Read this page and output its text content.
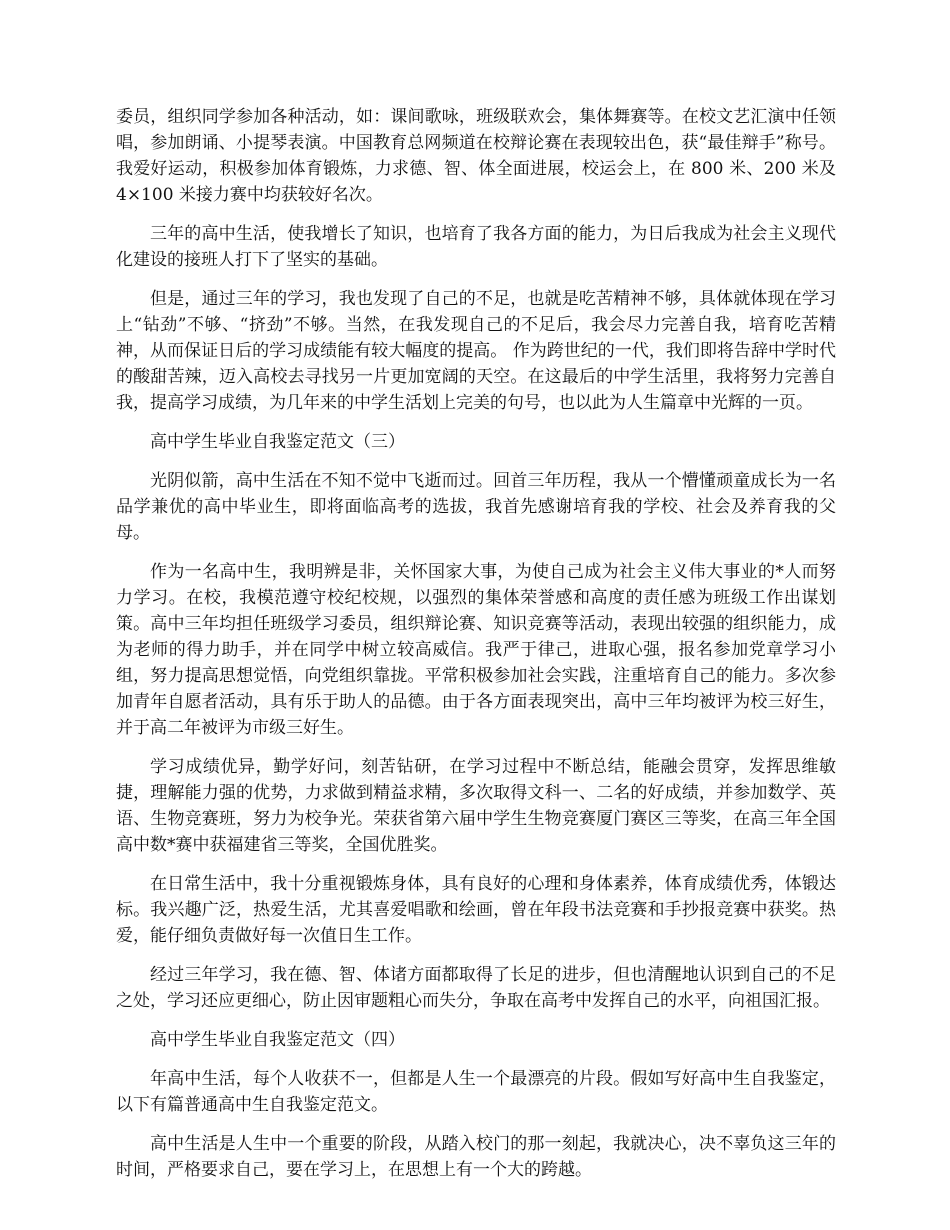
委员，组织同学参加各种活动，如：课间歌咏，班级联欢会，集体舞赛等。在校文艺汇演中任领唱，参加朗诵、小提琴表演。中国教育总网频道在校辩论赛在表现较出色，获“最佳辩手”称号。我爱好运动，积极参加体育锻炼，力求德、智、体全面进展，校运会上，在 800 米、200 米及 4×100 米接力赛中均获较好名次。

三年的高中生活，使我增长了知识，也培育了我各方面的能力，为日后我成为社会主义现代化建设的接班人打下了坚实的基础。

但是，通过三年的学习，我也发现了自己的不足，也就是吃苦精神不够，具体就体现在学习上“钻劲”不够、“挤劲”不够。当然，在我发现自己的不足后，我会尽力完善自我，培育吃苦精神，从而保证日后的学习成绩能有较大幅度的提高。 作为跨世纪的一代，我们即将告辞中学时代的酸甜苦辣，迈入高校去寻找另一片更加宽阔的天空。在这最后的中学生活里，我将努力完善自我，提高学习成绩，为几年来的中学生活划上完美的句号，也以此为人生篇章中光辉的一页。

高中学生毕业自我鉴定范文（三）

光阴似箭，高中生活在不知不觉中飞逝而过。回首三年历程，我从一个懵懂顽童成长为一名品学兼优的高中毕业生，即将面临高考的选拔，我首先感谢培育我的学校、社会及养育我的父母。

作为一名高中生，我明辨是非，关怀国家大事，为使自己成为社会主义伟大事业的*人而努力学习。在校，我模范遵守校纪校规，以强烈的集体荣誉感和高度的责任感为班级工作出谋划策。高中三年均担任班级学习委员，组织辩论赛、知识竞赛等活动，表现出较强的组织能力，成为老师的得力助手，并在同学中树立较高威信。我严于律己，进取心强，报名参加党章学习小组，努力提高思想觉悟，向党组织靠拢。平常积极参加社会实践，注重培育自己的能力。多次参加青年自愿者活动，具有乐于助人的品德。由于各方面表现突出，高中三年均被评为校三好生，并于高二年被评为市级三好生。

学习成绩优异，勤学好问，刻苦钻研，在学习过程中不断总结，能融会贯穿，发挥思维敏捷，理解能力强的优势，力求做到精益求精，多次取得文科一、二名的好成绩，并参加数学、英语、生物竞赛班，努力为校争光。荣获省第六届中学生生物竞赛厦门赛区三等奖，在高三年全国高中数*赛中获福建省三等奖，全国优胜奖。

在日常生活中，我十分重视锻炼身体，具有良好的心理和身体素养，体育成绩优秀，体锻达标。我兴趣广泛，热爱生活，尤其喜爱唱歌和绘画，曾在年段书法竞赛和手抄报竞赛中获奖。热爱，能仔细负责做好每一次值日生工作。

经过三年学习，我在德、智、体诸方面都取得了长足的进步，但也清醒地认识到自己的不足之处，学习还应更细心，防止因审题粗心而失分，争取在高考中发挥自己的水平，向祖国汇报。

高中学生毕业自我鉴定范文（四）

年高中生活，每个人收获不一，但都是人生一个最漂亮的片段。假如写好高中生自我鉴定，以下有篇普通高中生自我鉴定范文。

高中生活是人生中一个重要的阶段，从踏入校门的那一刻起，我就决心，决不辜负这三年的时间，严格要求自己，要在学习上，在思想上有一个大的跨越。
